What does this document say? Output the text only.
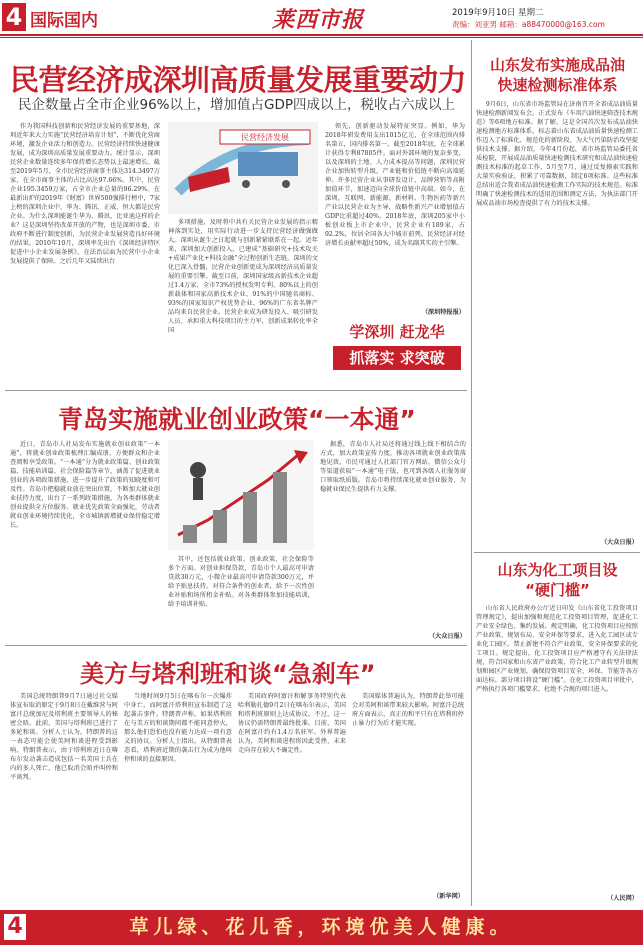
4 国际国内	莱西市报	2019年9月10日 星期二
责编：刘亚男 邮箱：a88470000@163.com
民营经济成深圳高质量发展重要动力
民企数量占全市企业96%以上，增加值占GDP四成以上，税收占六成以上

作为我国科技创新和民营经济发展的重要基地，深圳近年来大力实施“民营经济培育计划”，不断优化营商环境，激发企业活力和创造力。民营经济持续快速健康发展，成为深圳高质量发展重要动力。统计显示，深圳民营企业数量连续多年保持增长态势以上最速增长。截至2019年5月，全市民营经济商事主体达314.3497万家，在全市商事主体的占比高达97.66%。其中，民营企业195.3459万家，占全市企业总量的96.29%。在最新出炉的2019年《财富》世界500强排行榜中，7家上榜的深圳企业中，华为、腾讯、正威、恒大都是民营企业。为什么深圳能诞生华为、腾讯、比亚迪这样的企业？这是深圳坚持改革开放的产物，也是深圳市委、市政府不断进行制度创新，为民营企业发展营造良好环境的结果。2010年10月，深圳率先出台《深圳经济特区促进中小企业发展条例》，在法治层面为民营中小企业发展提供了保障。之后几年又陆续出台

民营经济发展

多项措施，及时将中共有关民营企业发展的指示精神落到实处，用实际行动进一步支持民营经济做强做大。深圳从诞生之日起就与创新紧紧联系在一起。近年来，深圳加大创新投入，已建成“基础研究+技术攻关+成果产业化+科技金融”全过程创新生态链，深圳的文化已深入骨髓，民营企业创新更成为深圳经济高质量发展的重要引擎。截至目前，深圳国家级高新技术企业超过1.4万家，全市73%的授权发明专利、80%以上的创新载体和国家高新技术企业、91%的中国驰名商标、93%的国家知识产权优势企业、96%的广东省名牌产品均来自民营企业。民营企业成为研发投入、吸引研发人员、承担重大科技项目的主力军，创新成果转化率全国

领先，创新驱动发展特征突显。例如，华为2018年研发费用支出1015亿元，在全球范围内排名第五，国内排名第一。截至2018年底，在全球累计获得专利87805件。面对外部环境的复杂多变，以及深圳的土地、人力成本提高等问题，深圳民营企业加快转型升级，产业链和价值链不断向高端延伸。许多民营企业从事研发设计、品牌营销等高附加值环节，加速迈向全球价值链中高端。如今，在深圳，互联网、新能源、新材料、生物医药等新兴产业以民营企业为主导，战略性新兴产业增加值占GDP比重超过40%。2018年底，深圳205家中小板创业板上市企业中，民营企业有189家，占92.2%，位居全国各大中城市前列。民营经济对经济增长贡献率超过50%，成为名副其实的主引擎。

（深圳特报报）
学深圳 赶龙华
抓落实 求突破
山东发布实施成品油
快速检测标准体系

9月6日，山东省市场监管局在济南召开全省成品油质量快速检测新闻发布会。正式发布《车用汽油快速筛查技术规范》等6项地方标准。据了解，这是全国首次发布成品油快速检测地方标准体系，标志着山东省成品油质量快速检测工作迈入了标准化、规范化的新阶段。为大气污染防治攻坚提供技术支撑。据介绍，今年4月份起，省市场监管局委托省质检院，开展成品油质量快速检测技术研究和成品油快速检测技术标准的起草工作，5月至7月，通过反复摸索实践和大量实验验证，积累了可靠数据，制定6项标准。这些标准总结出适合我省成品油快速检测工作实际的技术规范。标准明确了快速检测技术的适用范围和测定方法，为执法部门开展成品油市场检查提供了有力的技术支撑。

（大众日报）
山东为化工项目设
“硬门槛”

山东省人民政府办公厅近日印发《山东省化工投资项目管理规定》，提出加强和规范化工投资项目管理，促进化工产业安全绿色、集约发展。规定明确，化工投资项目应按照产业政策、规划布局、安全环保等要求，进入化工园区或专业化工园区。禁止新建不符合产业政策、安全环保要求的化工项目。规定提出，化工投资项目应严格遵守有关法律法规，符合国家和山东省产业政策，符合化工产业转型升级规划和园区产业规划，确保投资项目安全、环保、节能等各方面达标。部分项目将设“硬门槛”。在化工投资项目审批中，严格执行各项门槛要求，杜绝不合规的项目进入。

（人民网）
青岛实施就业创业政策“一本通”

近日，青岛市人社局发布实施就业创业政策“一本通”，将就业创业政策梳理汇编成册，方便群众和企业查阅和享受政策。“一本通”分为就业政策篇、创业政策篇、技能培训篇、社会保险篇等章节，涵盖了促进就业创业的各项政策措施，进一步提升了政策的知晓度和可及性。青岛市把稳就业放在突出位置，不断加大就业创业扶持力度，出台了一系列政策措施，为各类群体就业创业提供全方位服务。就业优先政策全面强化，劳动者就业创业环境持续优化，全市城镇新增就业保持稳定增长。

其中，还包括就业政策、创业政策、社会保险等多个方面。对创业担保贷款，青岛市个人最高可申请贷款30万元，小微企业最高可申请贷款300万元，并给予贴息扶持。对符合条件的创业者，给予一次性创业补贴和场所租金补贴。对各类群体参加技能培训，给予培训补贴。

据悉，青岛市人社局还将通过线上线下相结合的方式，加大政策宣传力度，推动各项就业创业政策落地见效。市民可通过人社部门官方网站、微信公众号等渠道获取“一本通”电子版，也可到各级人社服务窗口领取纸质版。青岛市将持续深化就业创业服务，为稳就业保民生提供有力支撑。

（大众日报）
美方与塔利班和谈“急刹车”

美国总统特朗普9月7日通过社交媒体宣布取消原定于9月8日在戴维营与阿富汗总统加尼及塔利班主要领导人的秘密会晤。此前，美国与塔利班已进行了多轮和谈。分析人士认为，特朗普的这一表态可能会使美阿和谈进程受到影响。特朗普表示，由于塔利班近日在喀布尔发动袭击造成包括一名美国士兵在内的多人死亡，他已取消会晤并叫停和平谈判。

当地时间9月5日在喀布尔一次爆炸中身亡，而阿富汗塔利班宣布制造了这起袭击事件。特朗普声称，如果塔利班在与美方的和谈期间都不能同意停火，那么他们恐怕也没有能力达成一项有意义的协议。分析人士指出，从特朗普表态看，塔利班近期的袭击行为成为他叫停和谈的直接原因。

美国政府阿富汗和解事务特别代表哈利勒扎德9月2日在喀布尔表示，美国和塔利班原则上达成协议。不过，这一协议仍需特朗普最终批准。目前，美国在阿富汗约有1.4万名驻军。外界普遍认为，美阿和谈进程将因此受挫，未来走向存在较大不确定性。

美国媒体普遍认为，特朗普此举可能会对美阿和谈带来较大影响。阿富汗总统府方面表示，真正的和平只有在塔利班停止暴力行为后才能实现。

（新华网）
4	草儿绿、花儿香，环境优美人健康。
